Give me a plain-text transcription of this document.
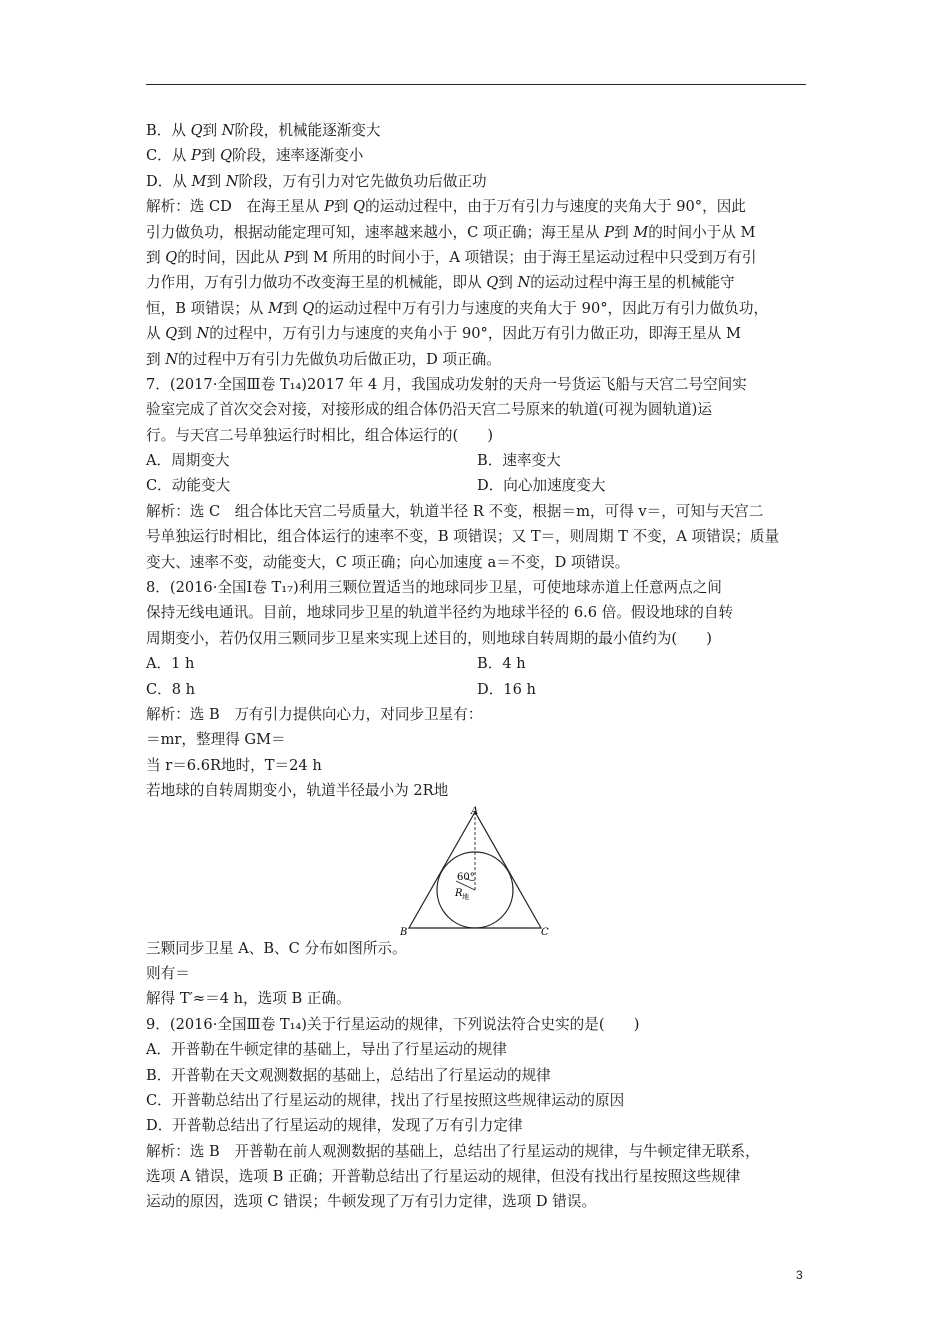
B．从 Q到 N阶段，机械能逐渐变大
C．从 P到 Q阶段，速率逐渐变小
D．从 M到 N阶段，万有引力对它先做负功后做正功
解析：选 CD　在海王星从 P到 Q的运动过程中，由于万有引力与速度的夹角大于 90°，因此
引力做负功，根据动能定理可知，速率越来越小，C 项正确；海王星从 P到 M的时间小于从 M
到 Q的时间，因此从 P到 M 所用的时间小于，A 项错误；由于海王星运动过程中只受到万有引
力作用，万有引力做功不改变海王星的机械能，即从 Q到 N的运动过程中海王星的机械能守
恒，B 项错误；从 M到 Q的运动过程中万有引力与速度的夹角大于 90°，因此万有引力做负功，
从 Q到 N的过程中，万有引力与速度的夹角小于 90°，因此万有引力做正功，即海王星从 M
到 N的过程中万有引力先做负功后做正功，D 项正确。
7．(2017·全国Ⅲ卷 T₁₄)2017 年 4 月，我国成功发射的天舟一号货运飞船与天宫二号空间实
验室完成了首次交会对接，对接形成的组合体仍沿天宫二号原来的轨道(可视为圆轨道)运
行。与天宫二号单独运行时相比，组合体运行的(　　)
A．周期变大	B．速率变大
C．动能变大	D．向心加速度变大
解析：选 C　组合体比天宫二号质量大，轨道半径 R 不变，根据＝m，可得 v＝，可知与天宫二
号单独运行时相比，组合体运行的速率不变，B 项错误；又 T＝，则周期 T 不变，A 项错误；质量
变大、速率不变，动能变大，C 项正确；向心加速度 a＝不变，D 项错误。
8．(2016·全国Ⅰ卷 T₁₇)利用三颗位置适当的地球同步卫星，可使地球赤道上任意两点之间
保持无线电通讯。目前，地球同步卫星的轨道半径约为地球半径的 6.6 倍。假设地球的自转
周期变小，若仍仅用三颗同步卫星来实现上述目的，则地球自转周期的最小值约为(　　)
A．1 h	B．4 h
C．8 h	D．16 h
解析：选 B　万有引力提供向心力，对同步卫星有：
＝mr，整理得 GM＝
当 r＝6.6R地时，T＝24 h
若地球的自转周期变小，轨道半径最小为 2R地
60°
R 地
A
B	C
三颗同步卫星 A、B、C 分布如图所示。
则有＝
解得 T′≈＝4 h，选项 B 正确。
9．(2016·全国Ⅲ卷 T₁₄)关于行星运动的规律，下列说法符合史实的是(　　)
A．开普勒在牛顿定律的基础上，导出了行星运动的规律
B．开普勒在天文观测数据的基础上，总结出了行星运动的规律
C．开普勒总结出了行星运动的规律，找出了行星按照这些规律运动的原因
D．开普勒总结出了行星运动的规律，发现了万有引力定律
解析：选 B　开普勒在前人观测数据的基础上，总结出了行星运动的规律，与牛顿定律无联系，
选项 A 错误，选项 B 正确；开普勒总结出了行星运动的规律，但没有找出行星按照这些规律
运动的原因，选项 C 错误；牛顿发现了万有引力定律，选项 D 错误。
3
